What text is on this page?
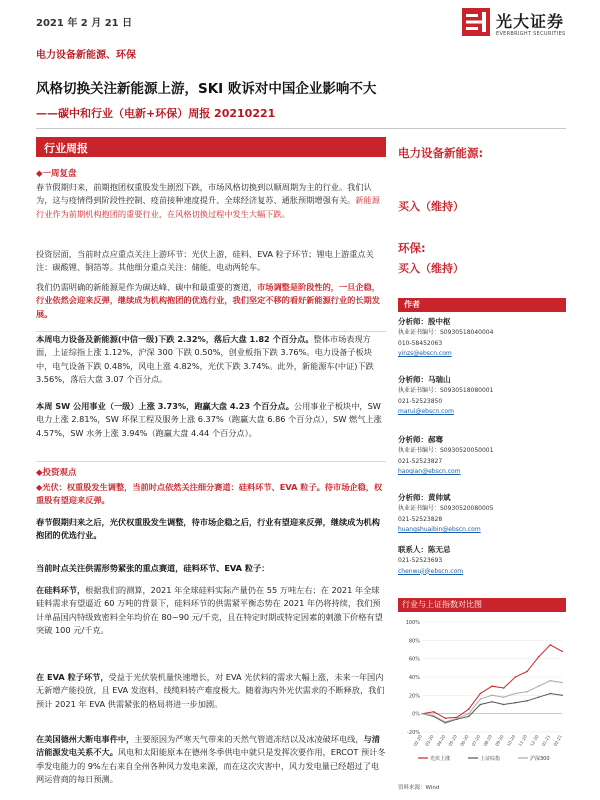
2021 年 2 月 21 日	光大证券
EVERBRIGHT SECURITIES
电力设备新能源、环保
风格切换关注新能源上游，SKI 败诉对中国企业影响不大
——碳中和行业（电新+环保）周报 20210221
行业周报
◆一周复盘
春节假期归来，前期抱团权重股发生剧烈下跌，市场风格切换到以顺周期为主的行业。我们认为，这与疫情得到阶段性控制、疫苗接种速度提升、全球经济复苏、通胀预期增强有关。新能源行业作为前期机构抱团的重要行业，在风格切换过程中发生大幅下跌。
投资层面，当前时点应重点关注上游环节：光伏上游，硅料、EVA 粒子环节；锂电上游重点关注：碳酸锂、铜箔等。其他细分重点关注：储能、电动两轮车。
我们仍需明确的新能源是作为碳达峰、碳中和最重要的赛道，市场调整是阶段性的，一旦企稳，行业依然会迎来反弹，继续成为机构抱团的优选行业，我们坚定不移的看好新能源行业的长期发展。
本周电力设备及新能源(中信一级)下跌 2.32%，落后大盘 1.82 个百分点。整体市场表现方面，上证综指上涨 1.12%，沪深 300 下跌 0.50%，创业板指下跌 3.76%。电力设备子板块中，电气设备下跌 0.48%，风电上涨 4.82%，光伏下跌 3.74%。此外，新能源车(中证)下跌 3.56%，落后大盘 3.07 个百分点。
本周 SW 公用事业（一级）上涨 3.73%，跑赢大盘 4.23 个百分点。公用事业子板块中，SW 电力上涨 2.81%，SW 环保工程及服务上涨 6.37%（跑赢大盘 6.86 个百分点），SW 燃气上涨 4.57%，SW 水务上涨 3.94%（跑赢大盘 4.44 个百分点）。
◆投资观点
◆光伏：权重股发生调整，当前时点依然关注细分赛道：硅料环节、EVA 粒子。待市场企稳，权重股有望迎来反弹。
春节假期归来之后，光伏权重股发生调整，待市场企稳之后，行业有望迎来反弹，继续成为机构抱团的优选行业。
当前时点关注供需形势紧张的重点赛道，硅料环节、EVA 粒子：
在硅料环节，根据我们的测算，2021 年全球硅料实际产量仍在 55 万吨左右；在 2021 年全球硅料需求有望逼近 60 万吨的背景下，硅料环节的供需紧平衡态势在 2021 年仍将持续，我们预计单晶国内特级致密料全年均价在 80~90 元/千克，且在特定时期或特定因素的刺激下价格有望突破 100 元/千克。
在 EVA 粒子环节，受益于光伏装机量快速增长，对 EVA 光伏料的需求大幅上涨，未来一年国内无新增产能投放，且 EVA 发泡料、线缆料转产难度极大。随着海内外光伏需求的不断释放，我们预计 2021 年 EVA 供需紧张的格局将进一步加剧。
在美国德州大断电事件中，主要原因为严寒天气带来的天然气管道冻结以及冰凌破坏电线，与清洁能源发电关系不大。风电和太阳能原本在德州冬季供电中就只是发挥次要作用，ERCOT 预计冬季发电能力的 9%左右来自全州各种风力发电来源，而在这次灾害中，风力发电量已经超过了电网运营商的每日预测。
电力设备新能源:
买入（维持）
环保:
买入（维持）
作者
分析师：殷中枢
执业证书编号：S0930518040004
010-58452063
yinzs@ebscn.com
分析师：马瑞山
执业证书编号：S0930518080001
021-52523850
marui@ebscn.com
分析师：郝骞
执业证书编号：S0930520050001
021-52523827
haoqian@ebscn.com
分析师：黄帅斌
执业证书编号：S0930520080005
021-52523828
huangshuaibin@ebscn.com
联系人：陈无忌
021-52523693
chenwuji@ebscn.com
行业与上证指数对比图
100%
80%
60%
40%
20%
0%
-20%
02-20 03-20 04-20 05-20 06-20 07-20 08-20 09-20 10-20 11-20 12-20 01-21 02-21
光伏上涨	上证综指	沪深300
资料来源：Wind
